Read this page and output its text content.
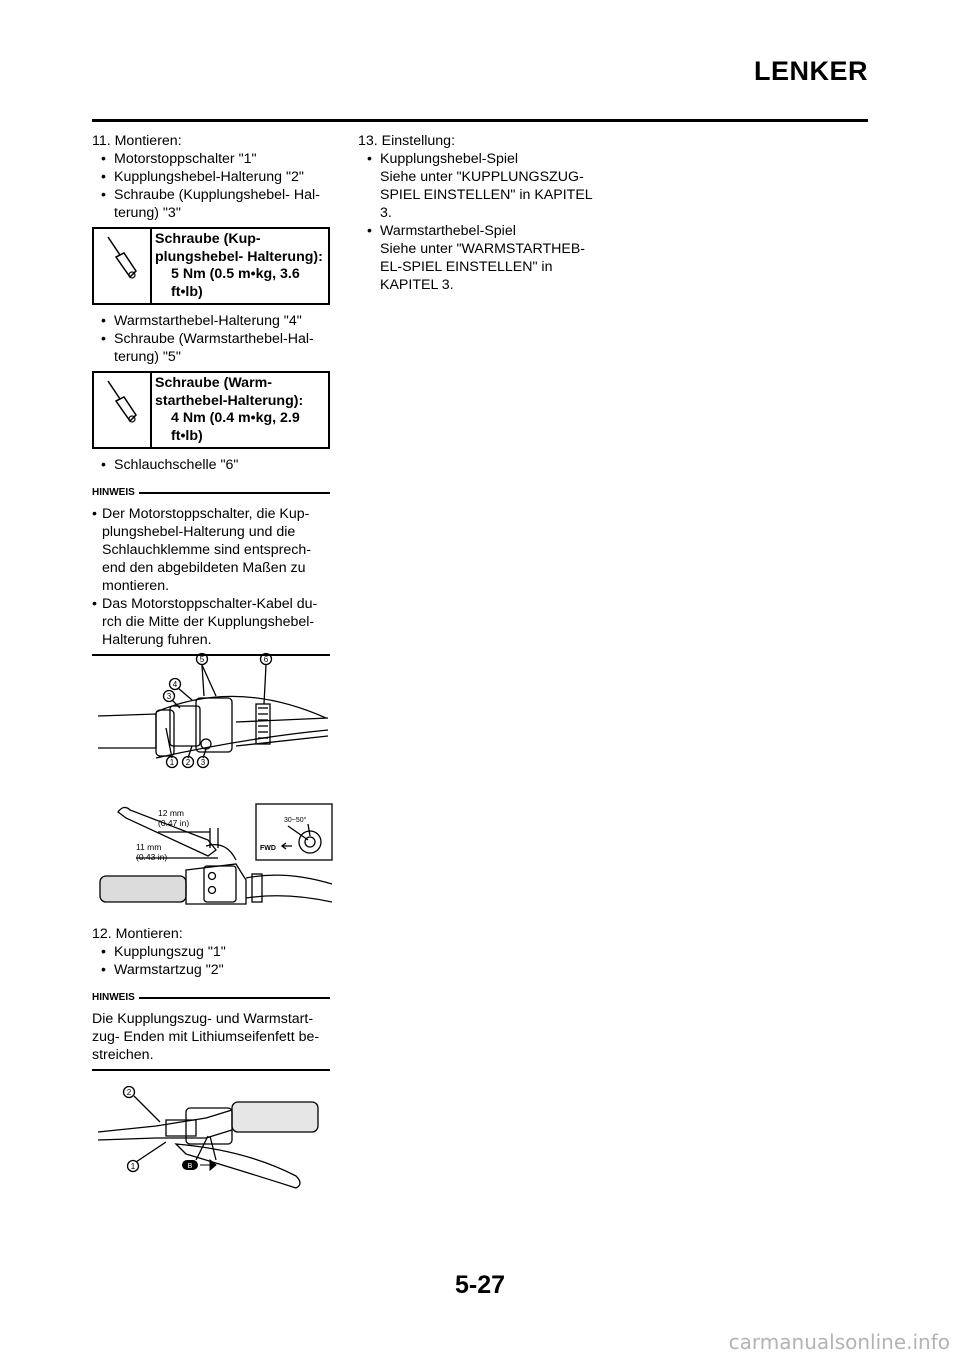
LENKER
11. Montieren:
• Motorstoppschalter "1"
• Kupplungshebel-Halterung "2"
• Schraube (Kupplungshebel- Hal-
terung) "3"
Schraube (Kup-
plungshebel- Halterung):
5 Nm (0.5 m•kg, 3.6
ft•lb)
• Warmstarthebel-Halterung "4"
• Schraube (Warmstarthebel-Hal-
terung) "5"
Schraube (Warm-
starthebel-Halterung):
4 Nm (0.4 m•kg, 2.9
ft•lb)
• Schlauchschelle "6"
HINWEIS
• Der Motorstoppschalter, die Kup-
plungshebel-Halterung und die
Schlauchklemme sind entsprech-
end den abgebildeten Maßen zu
montieren.
• Das Motorstoppschalter-Kabel du-
rch die Mitte der Kupplungshebel-
Halterung fuhren.
5	6
4
3
1 2 3
12 mm
(0.47 in)
11 mm
(0.43 in)
30~50°
FWD
12. Montieren:
• Kupplungszug "1"
• Warmstartzug "2"
HINWEIS
Die Kupplungszug- und Warmstart-
zug- Enden mit Lithiumseifenfett be-
streichen.
2
1	B
13. Einstellung:
• Kupplungshebel-Spiel
Siehe unter "KUPPLUNGSZUG-
SPIEL EINSTELLEN" in KAPITEL
3.
• Warmstarthebel-Spiel
Siehe unter "WARMSTARTHEB-
EL-SPIEL EINSTELLEN" in
KAPITEL 3.
5-27
carmanualsonline.info
